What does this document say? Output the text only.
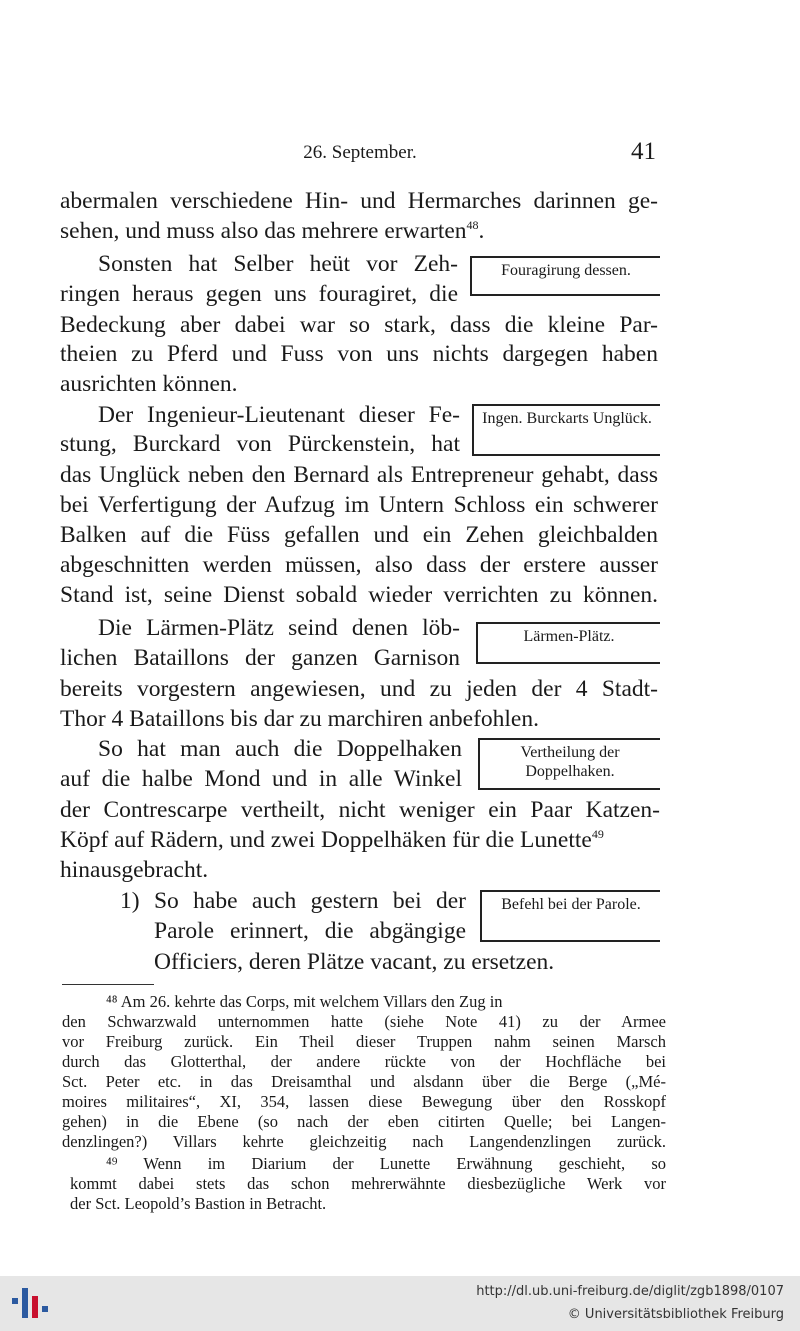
26. September.	41
abermalen verschiedene Hin- und Hermarches darinnen ge-
sehen, und muss also das mehrere erwarten$^{48}$.
Sonsten hat Selber heüt vor Zeh-
ringen heraus gegen uns fouragiret, die
Fouragirung dessen.
Bedeckung aber dabei war so stark, dass die kleine Par-
theien zu Pferd und Fuss von uns nichts dargegen haben
ausrichten können.
Der Ingenieur-Lieutenant dieser Fe-
stung, Burckard von Pürckenstein, hat
Ingen. Burckarts Unglück.
das Unglück neben den Bernard als Entrepreneur gehabt, dass
bei Verfertigung der Aufzug im Untern Schloss ein schwerer
Balken auf die Füss gefallen und ein Zehen gleichbalden
abgeschnitten werden müssen, also dass der erstere ausser
Stand ist, seine Dienst sobald wieder verrichten zu können.
Die Lärmen-Plätz seind denen löb-
lichen Bataillons der ganzen Garnison
Lärmen-Plätz.
bereits vorgestern angewiesen, und zu jeden der 4 Stadt-
Thor 4 Bataillons bis dar zu marchiren anbefohlen.
So hat man auch die Doppelhaken
auf die halbe Mond und in alle Winkel
Vertheilung der Doppelhaken.
der Contrescarpe vertheilt, nicht weniger ein Paar Katzen-
Köpf auf Rädern, und zwei Doppelhäken für die Lunette$^{49}$
hinausgebracht.
1) So habe auch gestern bei der
Parole erinnert, die abgängige
Befehl bei der Parole.
Officiers, deren Plätze vacant, zu ersetzen.
⁴⁸ Am 26. kehrte das Corps, mit welchem Villars den Zug in
den Schwarzwald unternommen hatte (siehe Note 41) zu der Armee
vor Freiburg zurück. Ein Theil dieser Truppen nahm seinen Marsch
durch das Glotterthal, der andere rückte von der Hochfläche bei
Sct. Peter etc. in das Dreisamthal und alsdann über die Berge („Mé-
moires militaires“, XI, 354, lassen diese Bewegung über den Rosskopf
gehen) in die Ebene (so nach der eben citirten Quelle; bei Langen-
denzlingen?) Villars kehrte gleichzeitig nach Langendenzlingen zurück.
⁴⁹ Wenn im Diarium der Lunette Erwähnung geschieht, so
kommt dabei stets das schon mehrerwähnte diesbezügliche Werk vor
der Sct. Leopold’s Bastion in Betracht.
http://dl.ub.uni-freiburg.de/diglit/zgb1898/0107
© Universitätsbibliothek Freiburg
